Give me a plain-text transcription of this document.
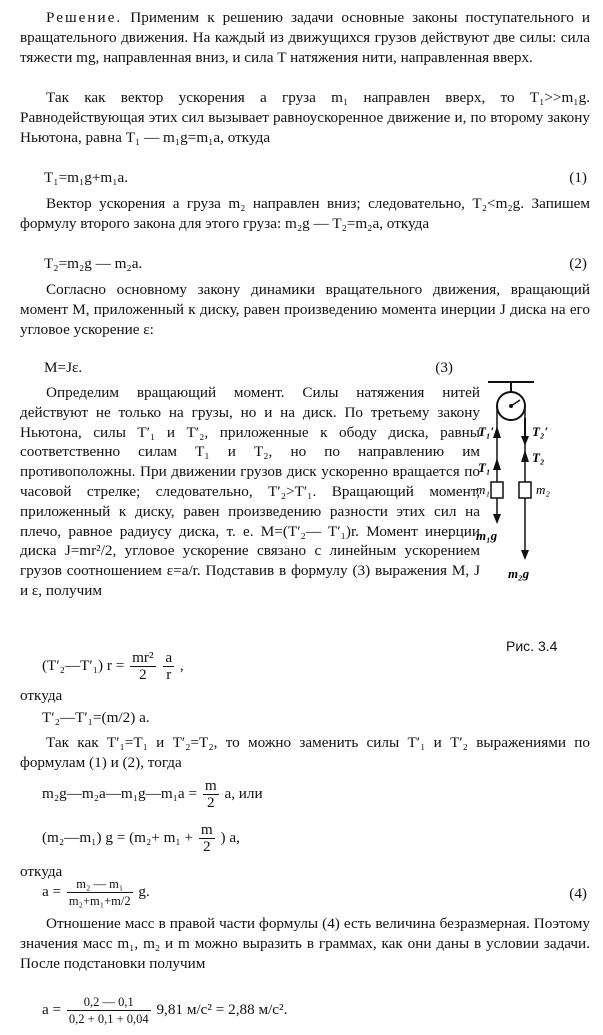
Решение. Применим к решению задачи основные законы поступательного и вращательного движения. На каждый из движущихся грузов действуют две силы: сила тяжести mg, направленная вниз, и сила T натяжения нити, направленная вверх.

Так как вектор ускорения a груза m₁ направлен вверх, то T₁>>m₁g. Равнодействующая этих сил вызывает равноускоренное движение и, по второму закону Ньютона, равна T₁ — m₁g=m₁a, откуда

T₁=m₁g+m₁a.	(1)

Вектор ускорения a груза m₂ направлен вниз; следовательно, T₂<m₂g. Запишем формулу второго закона для этого груза: m₂g — T₂=m₂a, откуда

T₂=m₂g — m₂a.	(2)

Согласно основному закону динамики вращательного движения, вращающий момент M, приложенный к диску, равен произведению момента инерции J диска на его угловое ускорение ε:

M=Jε.	(3)

Определим вращающий момент. Силы натяжения нитей действуют не только на грузы, но и на диск. По третьему закону Ньютона, силы T′₁ и T′₂, приложенные к ободу диска, равны соответственно силам T₁ и T₂, но по направлению им противоположны. При движении грузов диск ускоренно вращается по часовой стрелке; следовательно, T′₂>T′₁. Вращающий момент, приложенный к диску, равен произведению разности этих сил на плечо, равное радиусу диска, т. е. M=(T′₂— T′₁)r. Момент инерции диска J=mr²/2, угловое ускорение связано с линейным ускорением грузов соотношением ε=a/r. Подставив в формулу (3) выражения M, J и ε, получим

T₁′	T₂′
T₂
T₁
m₁	m₂
m₁g
m₂g
Рис. 3.4
(T′₂—T′₁) $r = \frac{\text{mr²}}{2}$
$\frac{a}{r}$ ,
откуда
T′₂—T′₁=(m/2) a.

Так как T′₁=T₁ и T′₂=T₂, то можно заменить силы T′₁ и T′₂ выражениями по формулам (1) и (2), тогда

m₂g—m₂a—m₁g—m₁a = $\frac{m}{2} a$, или
(m₂—m₁) $g = (m_2+ m_1 + \frac{m}{2}$ ) a,
откуда
$a = \frac{\text{m₂ — m₁}}{\text{m₂+m₁+m/2}} g$.	(4)

Отношение масс в правой части формулы (4) есть величина безразмерная. Поэтому значения масс m₁, m₂ и m можно выразить в граммах, как они даны в условии задачи. После подстановки получим

$a = \frac{0,2 — 0,1}{0,2 + 0,1 + 0,04} 9,81$ м/с² = 2,88 м/с².
